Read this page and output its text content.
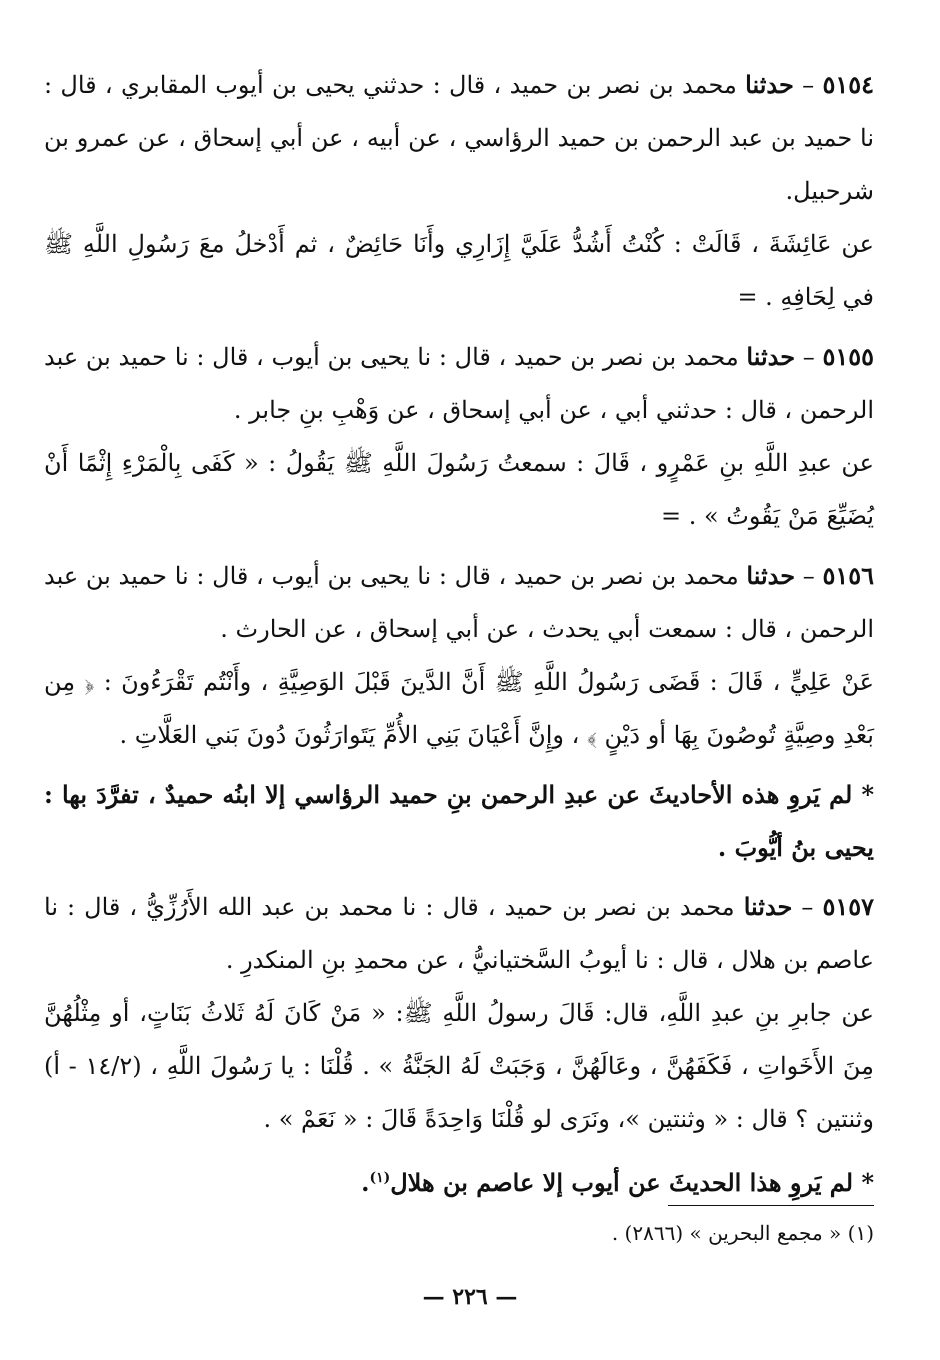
٥١٥٤ – حدثنا محمد بن نصر بن حميد ، قال : حدثني يحيى بن أيوب المقابري ، قال : نا حميد بن عبد الرحمن بن حميد الرؤاسي ، عن أبيه ، عن أبي إسحاق ، عن عمرو بن شرحبيل.

عن عَائِشَةَ ، قَالَتْ : كُنْتُ أَشُدُّ عَلَيَّ إِزَارِي وأَنَا حَائِضٌ ، ثم أَدْخلُ معَ رَسُولِ اللَّهِ ﷺ في لِحَافِهِ . =

٥١٥٥ – حدثنا محمد بن نصر بن حميد ، قال : نا يحيى بن أيوب ، قال : نا حميد بن عبد الرحمن ، قال : حدثني أبي ، عن أبي إسحاق ، عن وَهْبِ بنِ جابر .

عن عبدِ اللَّهِ بنِ عَمْرٍو ، قَالَ : سمعتُ رَسُولَ اللَّهِ ﷺ يَقُولُ : « كَفَى بِالْمَرْءِ إِثْمًا أَنْ يُضَيِّعَ مَنْ يَقُوتُ » . =

٥١٥٦ – حدثنا محمد بن نصر بن حميد ، قال : نا يحيى بن أيوب ، قال : نا حميد بن عبد الرحمن ، قال : سمعت أبي يحدث ، عن أبي إسحاق ، عن الحارث .

عَنْ عَلِيٍّ ، قَالَ : قَضَى رَسُولُ اللَّهِ ﷺ أَنَّ الدَّينَ قَبْلَ الوَصِيَّةِ ، وأَنْتُم تَقْرَءُونَ : ﴿ مِن بَعْدِ وصِيَّةٍ تُوصُونَ بِهَا أو دَيْنٍ ﴾ ، وإِنَّ أَعْيَانَ بَنِي الأُمِّ يَتَوارَثُونَ دُونَ بَني العَلَّاتِ .

* لم يَروِ هذه الأحاديثَ عن عبدِ الرحمن بنِ حميد الرؤاسي إلا ابنُه حميدٌ ، تفرَّدَ بها : يحيى بنُ أيُّوبَ .

٥١٥٧ – حدثنا محمد بن نصر بن حميد ، قال : نا محمد بن عبد الله الأَرُزِّيُّ ، قال : نا عاصم بن هلال ، قال : نا أيوبُ السَّختيانيُّ ، عن محمدِ بنِ المنكدرِ .

عن جابرِ بنِ عبدِ اللَّهِ، قال: قَالَ رسولُ اللَّهِ ﷺ: « مَنْ كَانَ لَهُ ثَلاثُ بَنَاتٍ، أو مِثْلُهُنَّ مِنَ الأَخَواتِ ، فَكَفَهُنَّ ، وعَالَهُنَّ ، وَجَبَتْ لَهُ الجَنَّةُ » . قُلْنَا : يا رَسُولَ اللَّهِ ، (١٤/٢ - أ) وثنتين ؟ قال : « وثنتين »، ونَرَى لو قُلْنَا وَاحِدَةً قَالَ : « نَعَمْ » .

* لم يَروِ هذا الحديثَ عن أيوب إلا عاصم بن هلال$^{(١)}$.

(١) « مجمع البحرين » (٢٨٦٦) .
— ٢٢٦ —
